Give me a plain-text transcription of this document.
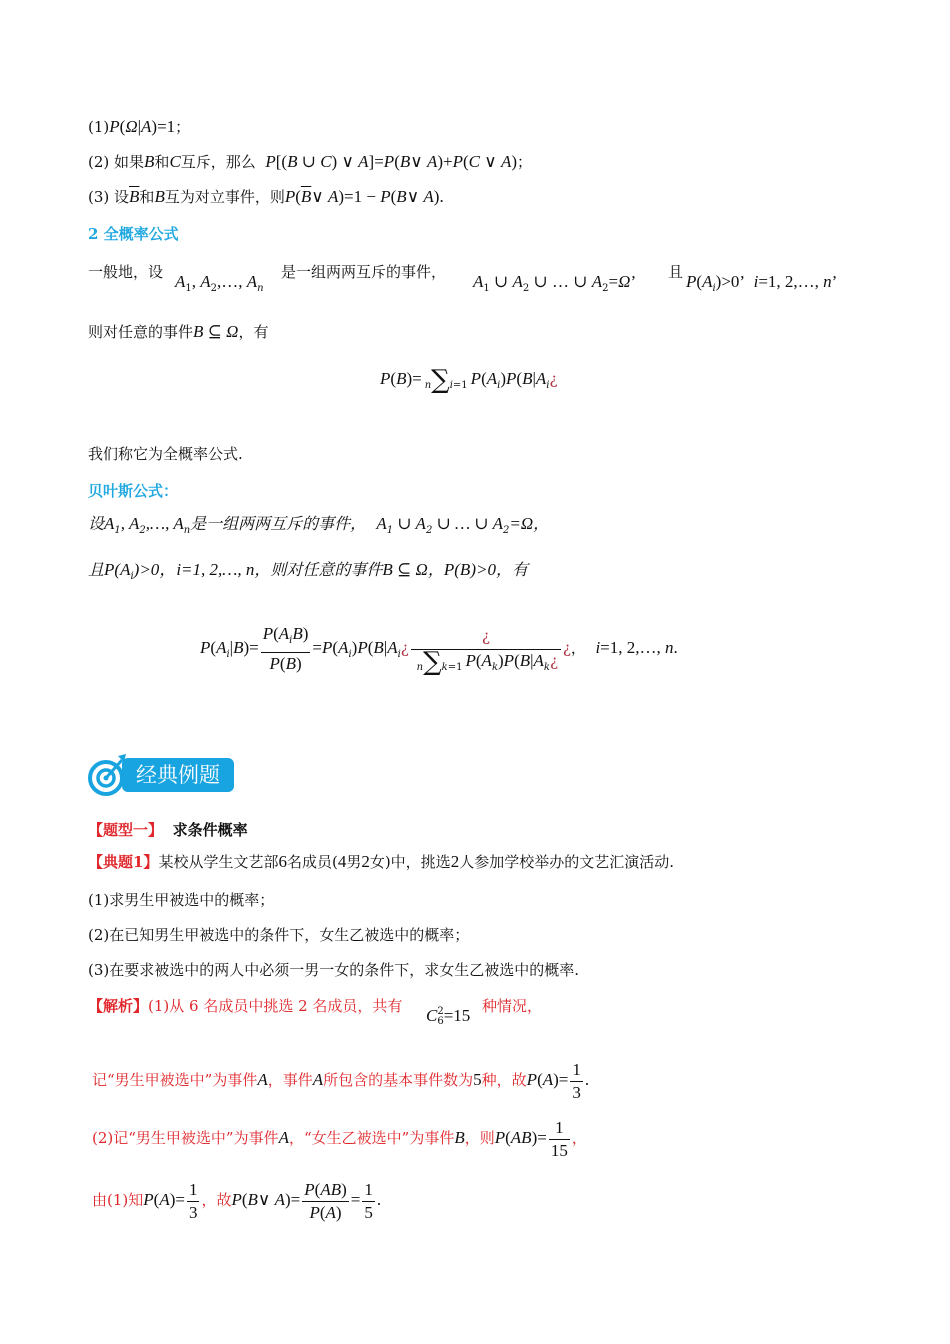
(1)P(Ω|A)=1；
(2) 如果B和C互斥，那么 P[(B ∪ C) ∨ A]=P(B∨ A)+P(C ∨ A)；
(3) 设$\overline{B}$和B互为对立事件，则$P(\overline{B}\vee$ A)=1 − P(B∨ A).
2 全概率公式
一般地，设 $A_1$, $A_2,\dots$, $A_n$
是一组两两互斥的事件， $A_1$ ∪ $A_2$ ∪ … ∪ $A_2=\Omega$’ 且 $P(A_i)>0$’  i=1, 2,…, n’
则对任意的事件B ⊆ Ω，有
P(B)= n∑i=1 $P(A_i)P(B|A_i¿$
我们称它为全概率公式.
贝叶斯公式：
设$A_1$, $A_2,\dots$, $A_n$是一组两两互斥的事件， $A_1$ ∪ $A_2$ ∪ … ∪ $A_2=\Omega$，
且$P(A_i)>0$，i=1, 2,…, n，则对任意的事件B ⊆ Ω，P(B)>0，有
$P(A_i|B)= \frac{P(A_iB)}{P(B)}$ $=P(A_i)P(B|A_i¿ \frac{¿}{n\sum k=1 P(A_k)P(B|A_k¿}$ ¿，  i=1, 2,…, n.
经典例题
【题型一】 求条件概率
【典题1】某校从学生文艺部6名成员(4男2女)中，挑选2人参加学校举办的文艺汇演活动.
(1)求男生甲被选中的概率；
(2)在已知男生甲被选中的条件下，女生乙被选中的概率；
(3)在要求被选中的两人中必须一男一女的条件下，求女生乙被选中的概率.
【解析】(1)从 6 名成员中挑选 2 名成员，共有 C2
6=15 种情况，
记“男生甲被选中”为事件A，事件A所包含的基本事件数为5种，故$P(A)= \frac{1}{3}$ .
(2)记“男生甲被选中”为事件A，“女生乙被选中”为事件B，则$P(AB)= \frac{1}{15}$ ，
由(1)知$P(A)= \frac{1}{3}$ ，故P(B∨ $A)= \frac{P(AB)}{P(A)} = \frac{1}{5}$ .
